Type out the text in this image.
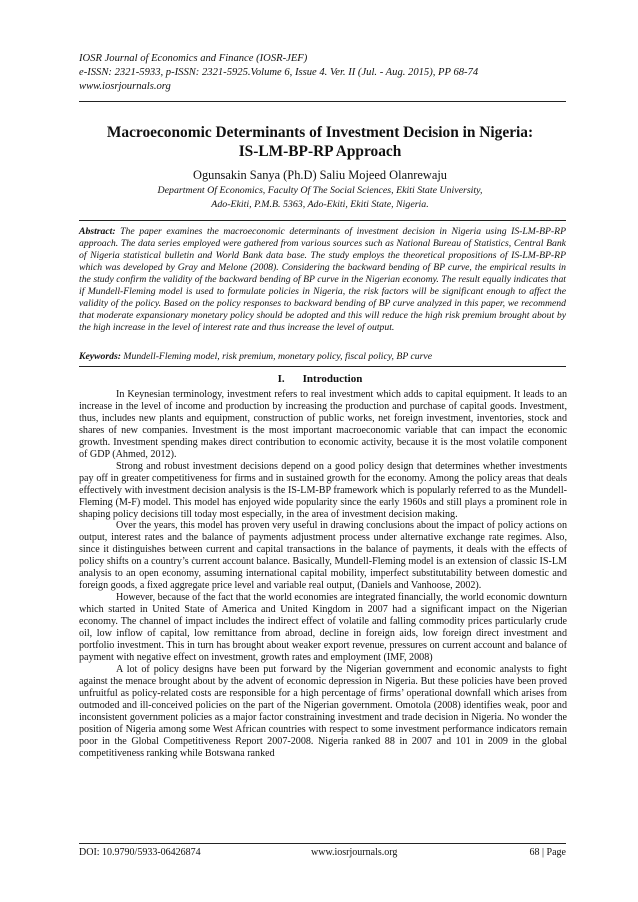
IOSR Journal of Economics and Finance (IOSR-JEF)
e-ISSN: 2321-5933, p-ISSN: 2321-5925.Volume 6, Issue 4. Ver. II (Jul. - Aug. 2015), PP 68-74
www.iosrjournals.org
Macroeconomic Determinants of Investment Decision in Nigeria:
IS-LM-BP-RP Approach
Ogunsakin Sanya (Ph.D) Saliu Mojeed Olanrewaju
Department Of Economics, Faculty Of The Social Sciences, Ekiti State University,
Ado-Ekiti, P.M.B. 5363, Ado-Ekiti, Ekiti State, Nigeria.
Abstract: The paper examines the macroeconomic determinants of investment decision in Nigeria using IS-LM-BP-RP approach. The data series employed were gathered from various sources such as National Bureau of Statistics, Central Bank of Nigeria statistical bulletin and World Bank data base. The study employs the theoretical propositions of IS-LM-BP-RP which was developed by Gray and Melone (2008). Considering the backward bending of BP curve, the empirical results in the study confirm the validity of the backward bending of BP curve in the Nigerian economy. The result equally indicates that if Mundell-Fleming model is used to formulate policies in Nigeria, the risk factors will be significant enough to affect the validity of the policy. Based on the policy responses to backward bending of BP curve analyzed in this paper, we recommend that moderate expansionary monetary policy should be adopted and this will reduce the high risk premium brought about by the high increase in the level of interest rate and thus increase the level of output.
Keywords: Mundell-Fleming model, risk premium, monetary policy, fiscal policy, BP curve
I. Introduction

In Keynesian terminology, investment refers to real investment which adds to capital equipment. It leads to an increase in the level of income and production by increasing the production and purchase of capital goods. Investment, thus, includes new plants and equipment, construction of public works, net foreign investment, inventories, stock and shares of new companies. Investment is the most important macroeconomic variable that can impact the economic growth. Investment spending makes direct contribution to economic activity, because it is the most volatile component of GDP (Ahmed, 2012).

Strong and robust investment decisions depend on a good policy design that determines whether investments pay off in greater competitiveness for firms and in sustained growth for the economy. Among the policy areas that deals effectively with investment decision analysis is the IS-LM-BP framework which is popularly referred to as the Mundell-Fleming (M-F) model. This model has enjoyed wide popularity since the early 1960s and still plays a prominent role in shaping policy decisions till today most especially, in the area of investment decision making.

Over the years, this model has proven very useful in drawing conclusions about the impact of policy actions on output, interest rates and the balance of payments adjustment process under alternative exchange rate regimes. Also, since it distinguishes between current and capital transactions in the balance of payments, it deals with the effects of policy shifts on a country’s current account balance. Basically, Mundell-Fleming model is an extension of classic IS-LM analysis to an open economy, assuming international capital mobility, imperfect substitutability between domestic and foreign goods, a fixed aggregate price level and variable real output, (Daniels and Vanhoose, 2002).

However, because of the fact that the world economies are integrated financially, the world economic downturn which started in United State of America and United Kingdom in 2007 had a significant impact on the Nigerian economy. The channel of impact includes the indirect effect of volatile and falling commodity prices particularly crude oil, low inflow of capital, low remittance from abroad, decline in foreign aids, low foreign direct investment and portfolio investment. This in turn has brought about weaker export revenue, pressures on current account and balance of payment with negative effect on investment, growth rates and employment (IMF, 2008)

A lot of policy designs have been put forward by the Nigerian government and economic analysts to fight against the menace brought about by the advent of economic depression in Nigeria. But these policies have been proved unfruitful as policy-related costs are responsible for a high percentage of firms’ operational downfall which arises from outmoded and ill-conceived policies on the part of the Nigerian government. Omotola (2008) identifies weak, poor and inconsistent government policies as a major factor constraining investment and trade decision in Nigeria. No wonder the position of Nigeria among some West African countries with respect to some investment performance indicators remain poor in the Global Competitiveness Report 2007-2008. Nigeria ranked 88 in 2007 and 101 in 2009 in the global competitiveness ranking while Botswana ranked

DOI: 10.9790/5933-06426874	www.iosrjournals.org	68 | Page
